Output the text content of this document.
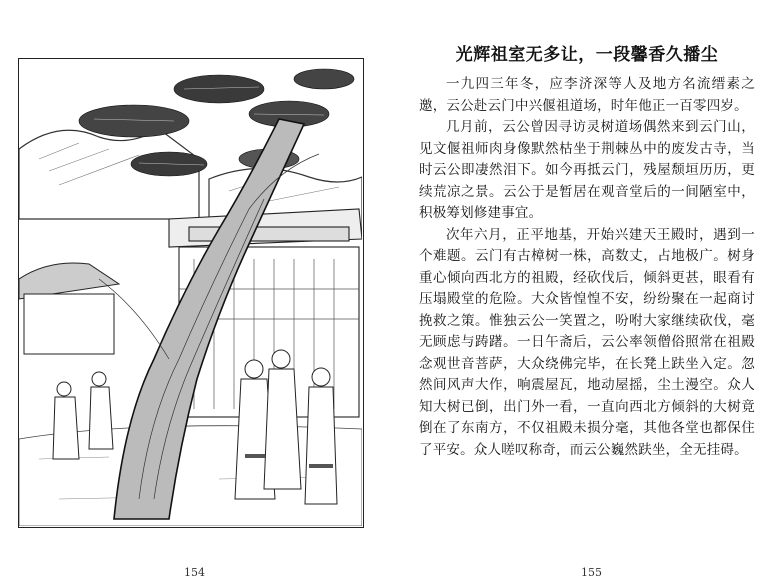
154
光辉祖室无多让，一段馨香久播尘

一九四三年冬，应李济深等人及地方名流缙素之邀，云公赴云门中兴偃祖道场，时年他正一百零四岁。

几月前，云公曾因寻访灵树道场偶然来到云门山，见文偃祖师肉身像默然枯坐于荆棘丛中的废发古寺，当时云公即凄然泪下。如今再抵云门，残屋颓垣历历，更续荒凉之景。云公于是暂居在观音堂后的一间陋室中，积极筹划修建事宜。

次年六月，正平地基，开始兴建天王殿时，遇到一个难题。云门有古樟树一株，高数丈，占地极广。树身重心倾向西北方的祖殿，经砍伐后，倾斜更甚，眼看有压塌殿堂的危险。大众皆惶惶不安，纷纷聚在一起商讨挽救之策。惟独云公一笑置之，吩咐大家继续砍伐，毫无顾虑与踌躇。一日午斋后，云公率领僧俗照常在祖殿念观世音菩萨，大众绕佛完毕，在长凳上趺坐入定。忽然间风声大作，响震屋瓦，地动屋摇，尘土漫空。众人知大树已倒，出门外一看，一直向西北方倾斜的大树竟倒在了东南方，不仅祖殿未损分毫，其他各堂也都保住了平安。众人嗟叹称奇，而云公巍然趺坐，全无挂碍。

155
